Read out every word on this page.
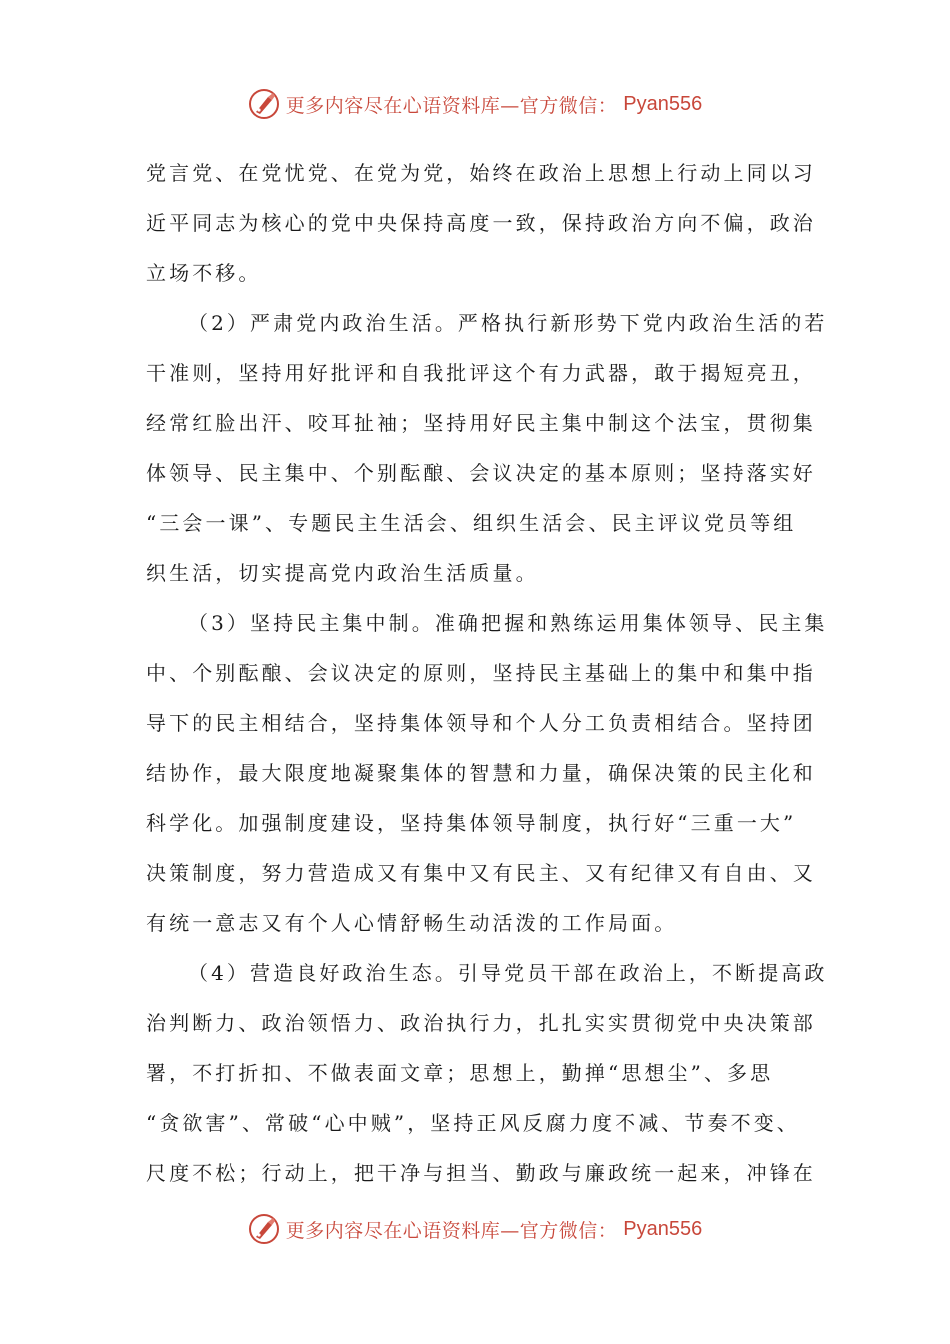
更多内容尽在心语资料库—官方微信： Pyan556
党言党、在党忧党、在党为党，始终在政治上思想上行动上同以习
近平同志为核心的党中央保持高度一致，保持政治方向不偏，政治
立场不移。
（2）严肃党内政治生活。严格执行新形势下党内政治生活的若
干准则，坚持用好批评和自我批评这个有力武器，敢于揭短亮丑，
经常红脸出汗、咬耳扯袖；坚持用好民主集中制这个法宝，贯彻集
体领导、民主集中、个别酝酿、会议决定的基本原则；坚持落实好
“三会一课”、专题民主生活会、组织生活会、民主评议党员等组
织生活，切实提高党内政治生活质量。
（3）坚持民主集中制。准确把握和熟练运用集体领导、民主集
中、个别酝酿、会议决定的原则，坚持民主基础上的集中和集中指
导下的民主相结合，坚持集体领导和个人分工负责相结合。坚持团
结协作，最大限度地凝聚集体的智慧和力量，确保决策的民主化和
科学化。加强制度建设，坚持集体领导制度，执行好“三重一大”
决策制度，努力营造成又有集中又有民主、又有纪律又有自由、又
有统一意志又有个人心情舒畅生动活泼的工作局面。
（4）营造良好政治生态。引导党员干部在政治上，不断提高政
治判断力、政治领悟力、政治执行力，扎扎实实贯彻党中央决策部
署，不打折扣、不做表面文章；思想上，勤掸“思想尘”、多思
“贪欲害”、常破“心中贼”，坚持正风反腐力度不减、节奏不变、
尺度不松；行动上，把干净与担当、勤政与廉政统一起来，冲锋在
更多内容尽在心语资料库—官方微信： Pyan556
